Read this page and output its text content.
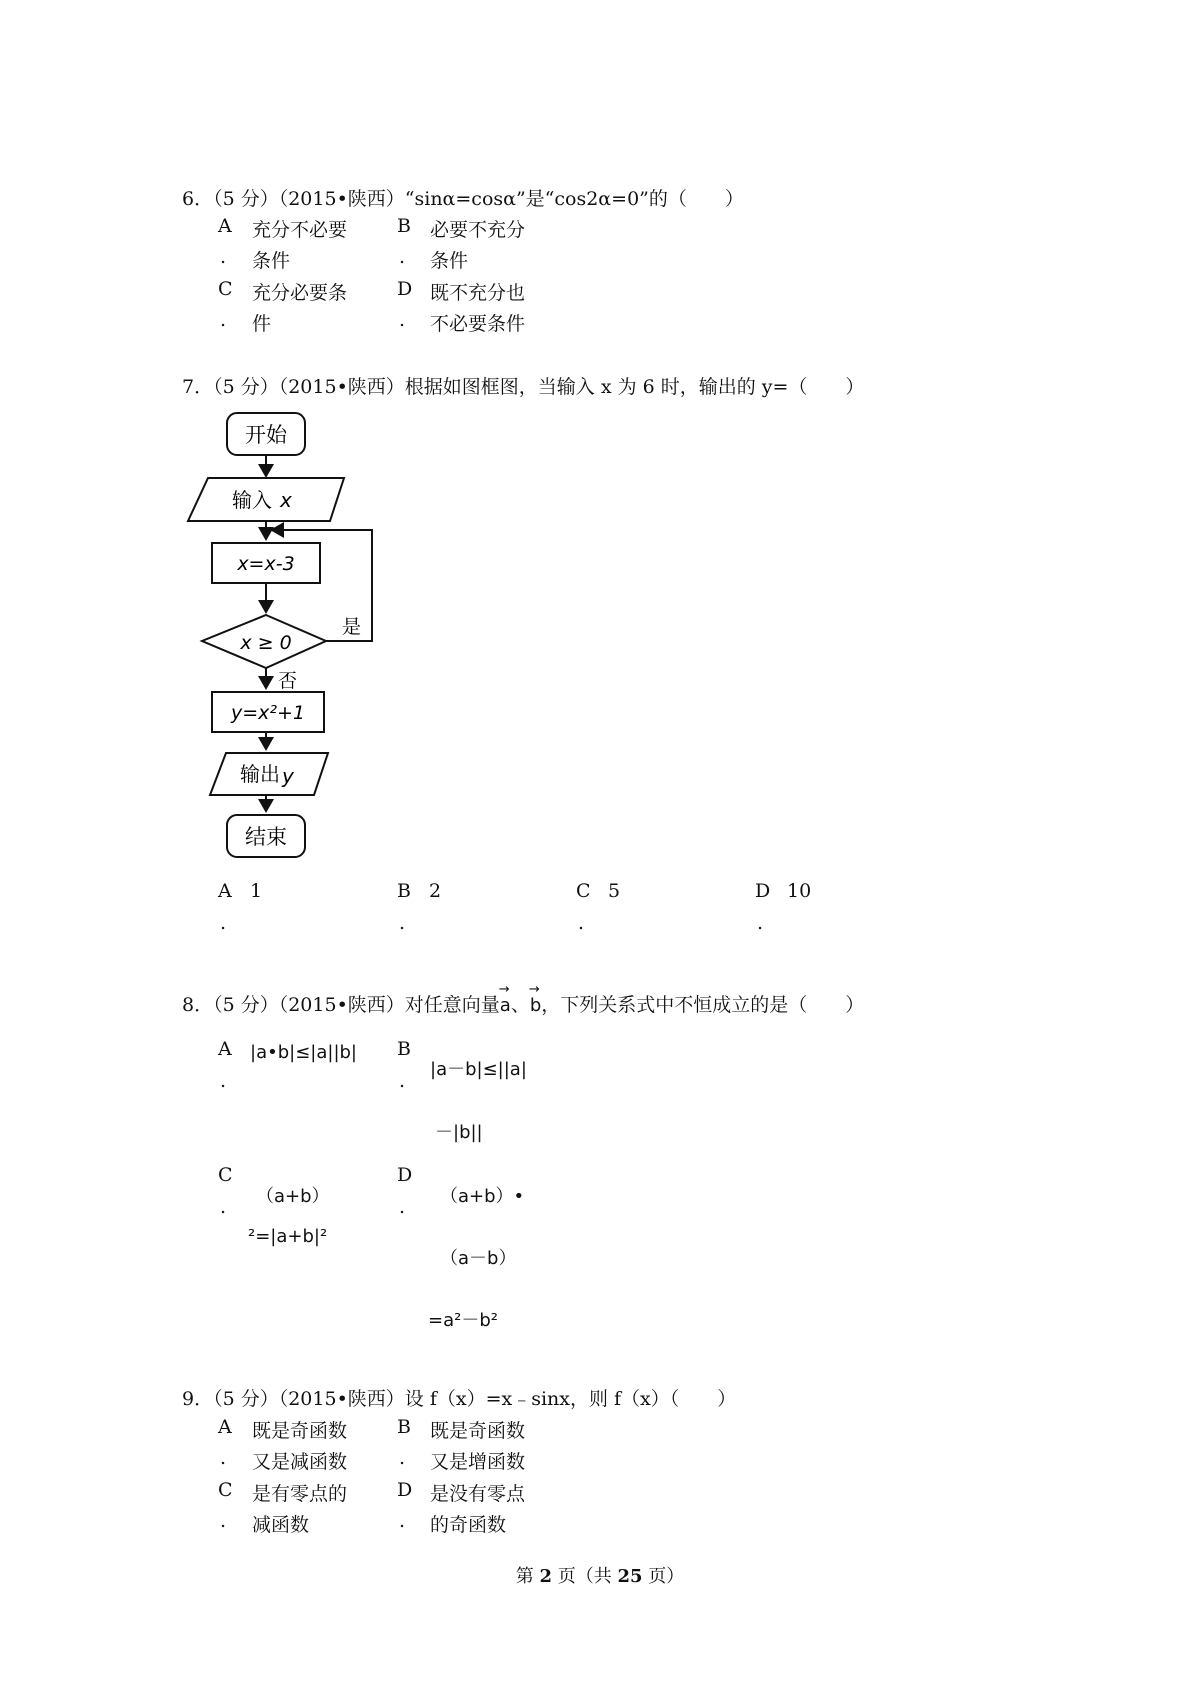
6．（5 分）（2015•陕西）“sinα=cosα”是“cos2α=0”的（　　）
A 充分不必要
. 条件
B 必要不充分
. 条件
C 充分必要条
. 件
D 既不充分也
. 不必要条件
7．（5 分）（2015•陕西）根据如图框图，当输入 x 为 6 时，输出的 y=（　　）
开始
输入 x
x=x-3
x ≥ 0
是
否
y=x²+1
输出 y
结束
A 1
.
B 2
.
C 5
.
D 10
.
8．（5 分）（2015•陕西）对任意向量→ a、→ b，下列关系式中不恒成立的是（　　）
A
.
|a•b|≤|a||b| B
.
|a－b|≤||a|
－|b||
C
. （a+b）
²=|a+b|²
D
. （a+b）•
（a－b）
=a²－b²
9．（5 分）（2015•陕西）设 f（x）=x﹣sinx，则 f（x）（　　）
A 既是奇函数
. 又是减函数
B 既是奇函数
. 又是增函数
C 是有零点的
. 减函数
D 是没有零点
. 的奇函数
第 2 页（共 25 页）
